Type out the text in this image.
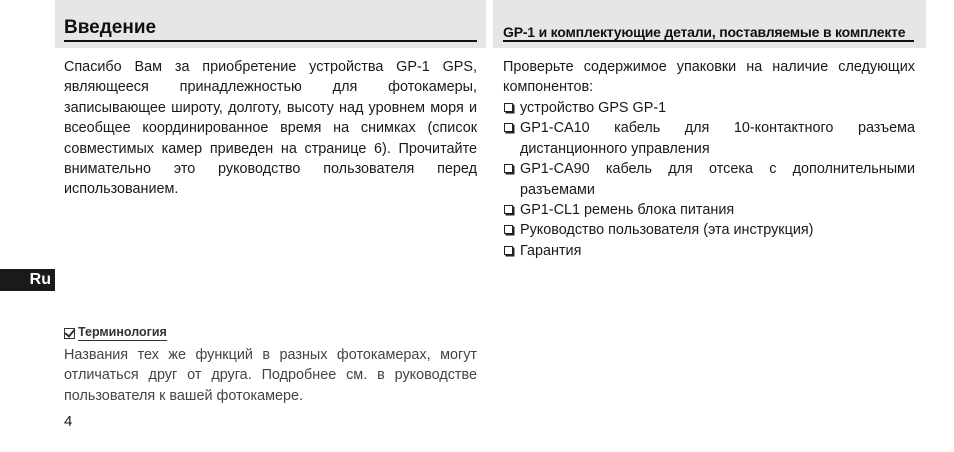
Введение	GP-1 и комплектующие детали, поставляемые в комплекте

Спасибо Вам за приобретение устройства GP-1 GPS, являющееся принадлежностью для фотокамеры, записывающее широту, долготу, высоту над уровнем моря и всеобщее координированное время на снимках (список совместимых камер приведен на странице 6). Прочитайте внимательно это руководство пользователя перед использованием.

Проверьте содержимое упаковки на наличие следующих компонентов:

устройство GPS GP-1
GP1-CA10 кабель для 10-контактного разъема дистанционного управления
GP1-CA90 кабель для отсека с дополнительными разъемами
GP1-CL1 ремень блока питания
Руководство пользователя (эта инструкция)
Гарантия
Ru
Терминология

Названия тех же функций в разных фотокамерах, могут отличаться друг от друга. Подробнее см. в руководстве пользователя к вашей фотокамере.

4
